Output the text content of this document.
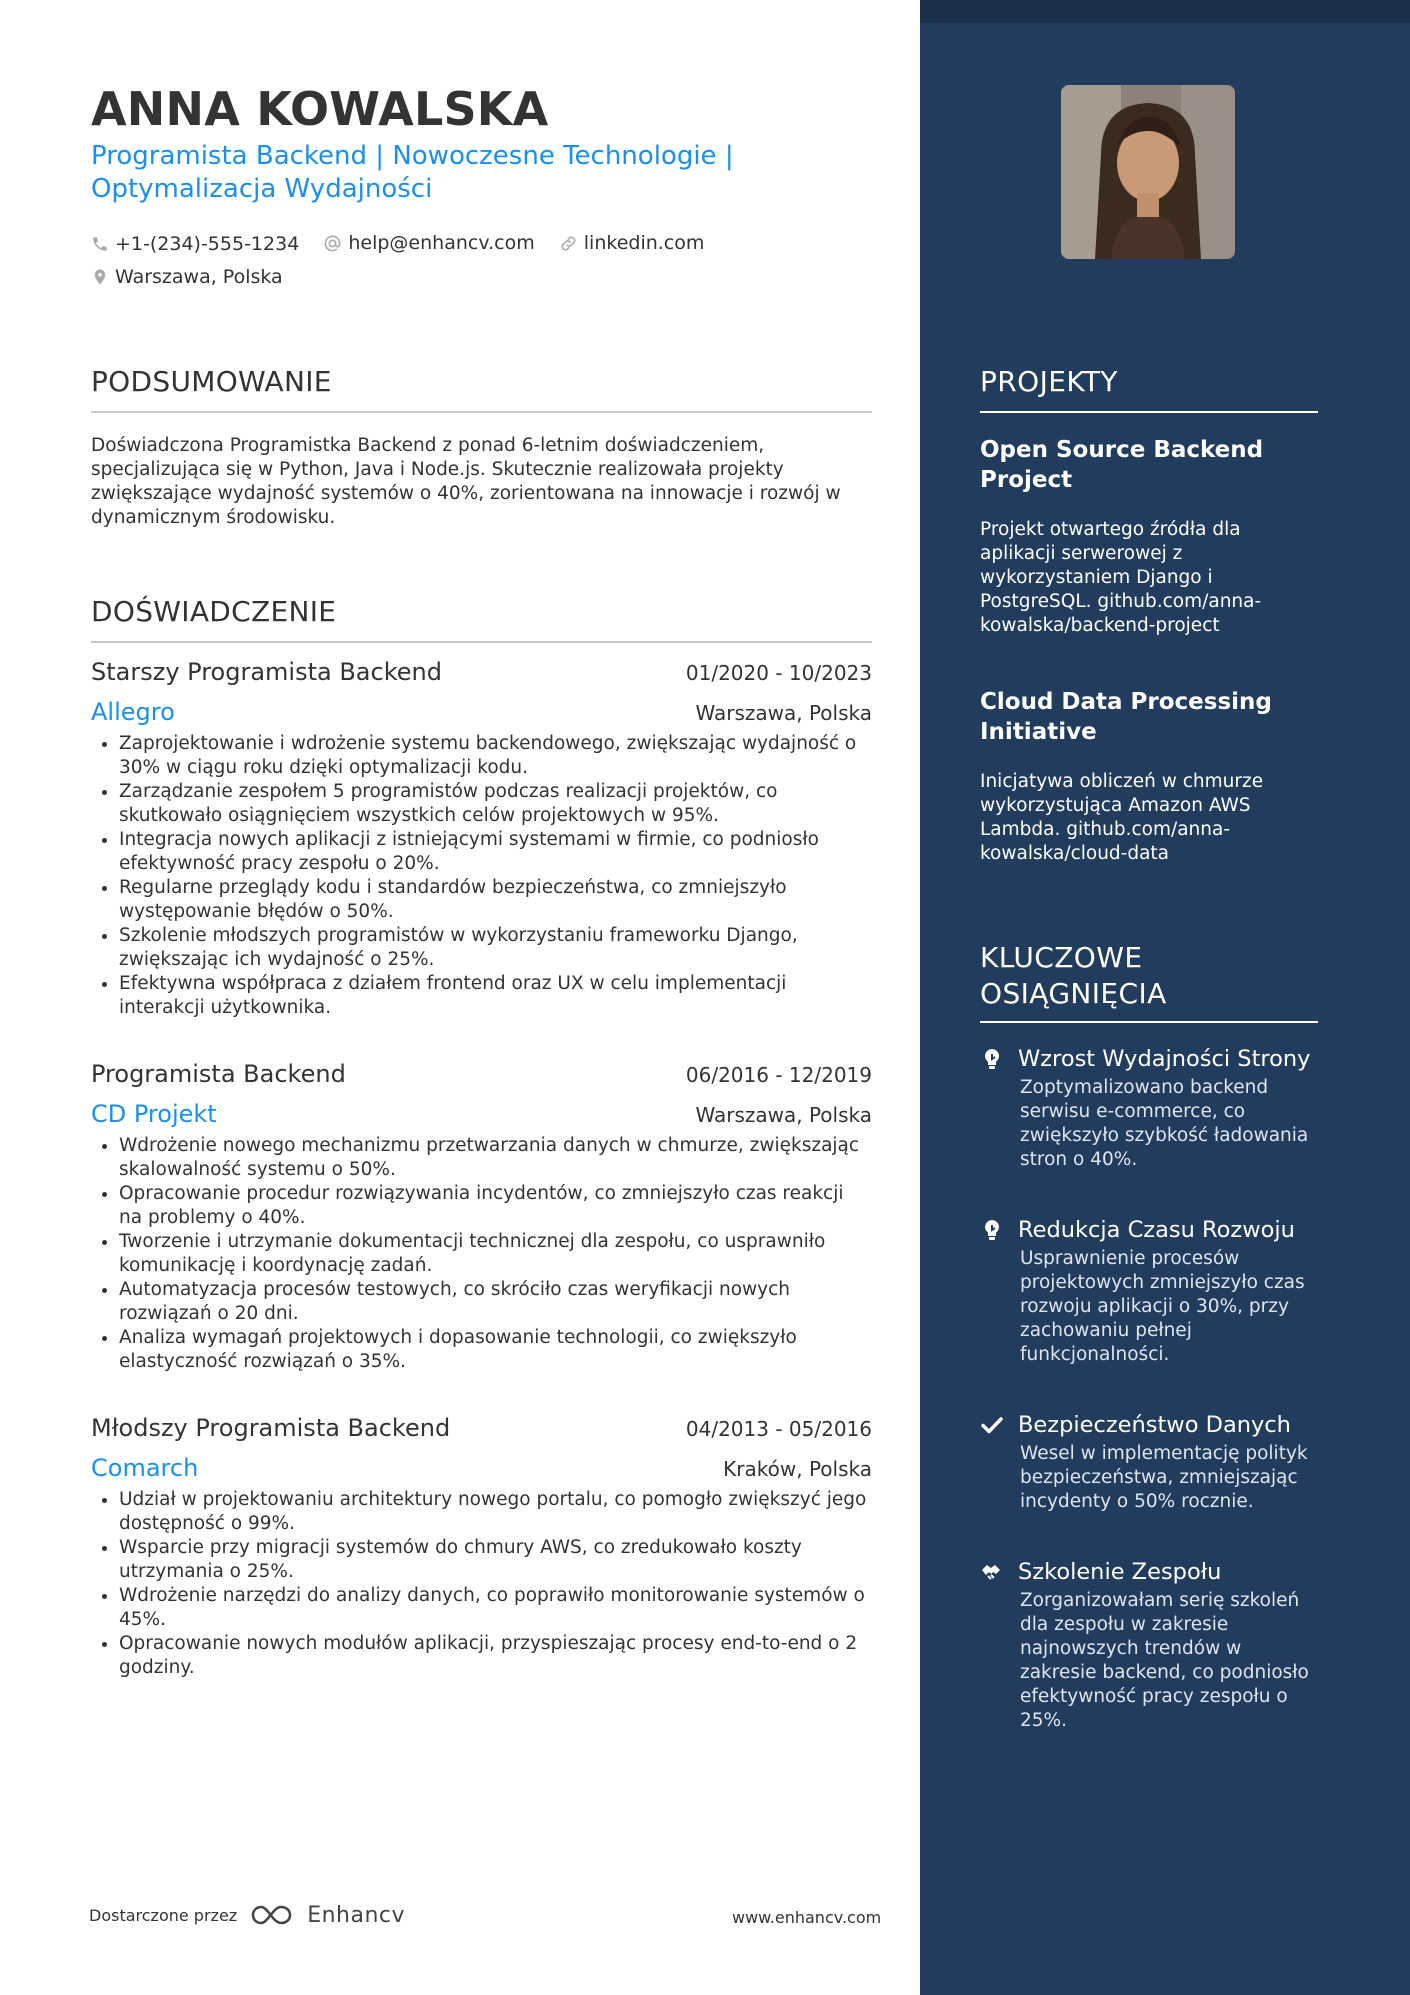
ANNA KOWALSKA
Programista Backend | Nowoczesne Technologie | Optymalizacja Wydajności
+1-(234)-555-1234
	help@enhancv.com
	linkedin.com

Warszawa, Polska
PODSUMOWANIE
Doświadczona Programistka Backend z ponad 6-letnim doświadczeniem, specjalizująca się w Python, Java i Node.js. Skutecznie realizowała projekty zwiększające wydajność systemów o 40%, zorientowana na innowacje i rozwój w dynamicznym środowisku.
DOŚWIADCZENIE
Starszy Programista Backend	01/2020 - 10/2023
Allegro	Warszawa, Polska
• Zaprojektowanie i wdrożenie systemu backendowego, zwiększając wydajność o 30% w ciągu roku dzięki optymalizacji kodu.
• Zarządzanie zespołem 5 programistów podczas realizacji projektów, co skutkowało osiągnięciem wszystkich celów projektowych w 95%.
• Integracja nowych aplikacji z istniejącymi systemami w firmie, co podniosło efektywność pracy zespołu o 20%.
• Regularne przeglądy kodu i standardów bezpieczeństwa, co zmniejszyło występowanie błędów o 50%.
• Szkolenie młodszych programistów w wykorzystaniu frameworku Django, zwiększając ich wydajność o 25%.
• Efektywna współpraca z działem frontend oraz UX w celu implementacji interakcji użytkownika.
Programista Backend	06/2016 - 12/2019
CD Projekt	Warszawa, Polska
• Wdrożenie nowego mechanizmu przetwarzania danych w chmurze, zwiększając skalowalność systemu o 50%.
• Opracowanie procedur rozwiązywania incydentów, co zmniejszyło czas reakcji na problemy o 40%.
• Tworzenie i utrzymanie dokumentacji technicznej dla zespołu, co usprawniło komunikację i koordynację zadań.
• Automatyzacja procesów testowych, co skróciło czas weryfikacji nowych rozwiązań o 20 dni.
• Analiza wymagań projektowych i dopasowanie technologii, co zwiększyło elastyczność rozwiązań o 35%.
Młodszy Programista Backend	04/2013 - 05/2016
Comarch	Kraków, Polska
• Udział w projektowaniu architektury nowego portalu, co pomogło zwiększyć jego dostępność o 99%.
• Wsparcie przy migracji systemów do chmury AWS, co zredukowało koszty utrzymania o 25%.
• Wdrożenie narzędzi do analizy danych, co poprawiło monitorowanie systemów o 45%.
• Opracowanie nowych modułów aplikacji, przyspieszając procesy end-to-end o 2 godziny.
PROJEKTY
Open Source Backend Project
Projekt otwartego źródła dla aplikacji serwerowej z wykorzystaniem Django i PostgreSQL. github.com/anna-kowalska/backend-project
Cloud Data Processing Initiative
Inicjatywa obliczeń w chmurze wykorzystująca Amazon AWS Lambda. github.com/anna-kowalska/cloud-data
KLUCZOWE OSIĄGNIĘCIA
Wzrost Wydajności Strony
Zoptymalizowano backend serwisu e-commerce, co zwiększyło szybkość ładowania stron o 40%.
Redukcja Czasu Rozwoju
Usprawnienie procesów projektowych zmniejszyło czas rozwoju aplikacji o 30%, przy zachowaniu pełnej funkcjonalności.
Bezpieczeństwo Danych
Wesel w implementację polityk bezpieczeństwa, zmniejszając incydenty o 50% rocznie.
Szkolenie Zespołu
Zorganizowałam serię szkoleń dla zespołu w zakresie najnowszych trendów w zakresie backend, co podniosło efektywność pracy zespołu o 25%.
Dostarczone przez	Enhancv	www.enhancv.com
